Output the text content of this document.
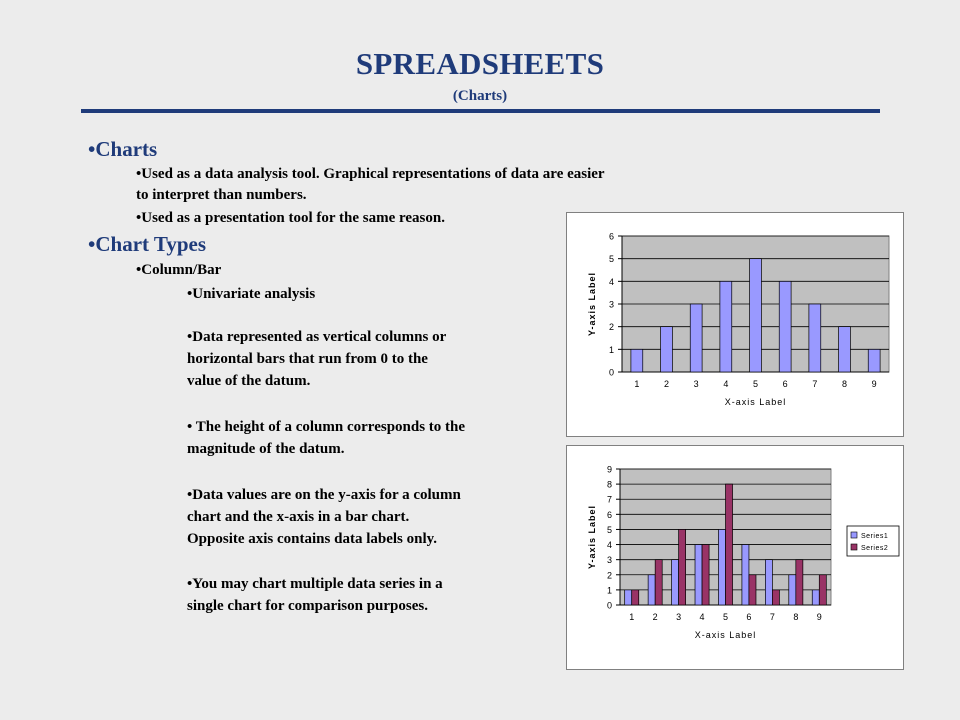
SPREADSHEETS
(Charts)
•Charts
•Used as a data analysis tool. Graphical representations of data are easier
to interpret than numbers.
•Used as a presentation tool for the same reason.
•Chart Types
•Column/Bar
•Univariate analysis
•Data represented as vertical columns or
horizontal bars that run from 0 to the
value of the datum.
• The height of a column corresponds to the
magnitude of the datum.
•Data values are on the y-axis for a column
chart and the x-axis in a bar chart.
Opposite axis contains data labels only.
•You may chart multiple data series in a
single chart for comparison purposes.
0
1
2
3
4
5
6
1	2	3	4	5	6	7	8	9
X-axis Label
Y-axis Label
0
1
2
3
4
5
6
7
8
9
1 2 3 4 5 6 7 8 9
X-axis Label
Y-axis Label	Series1
Series2
